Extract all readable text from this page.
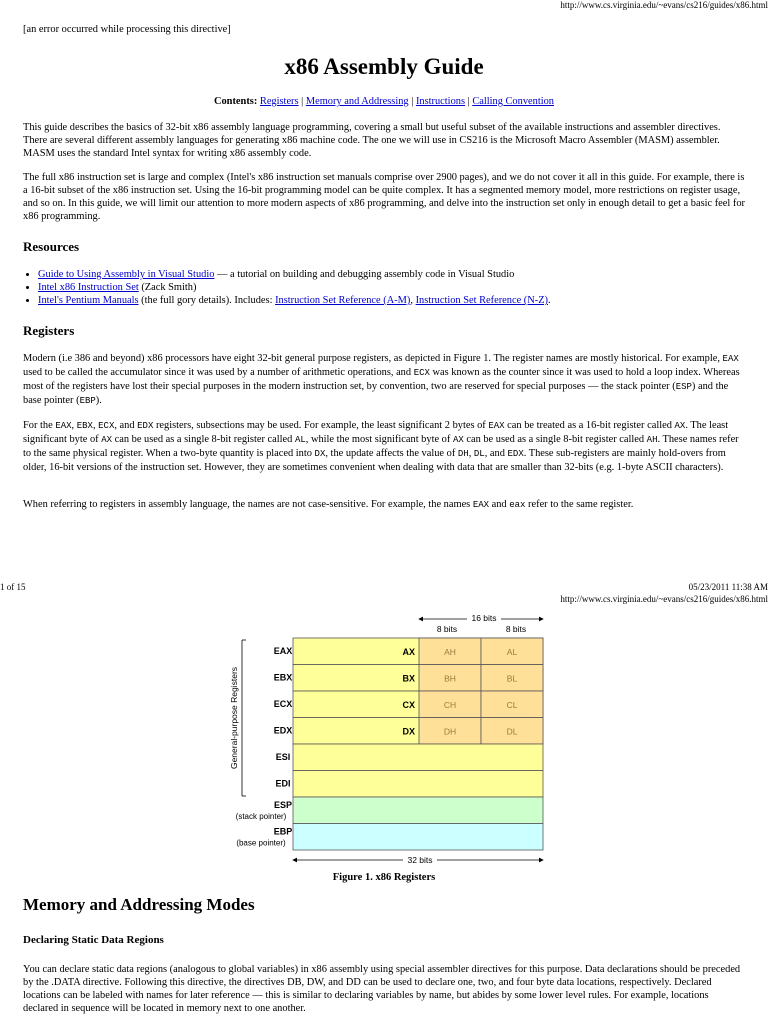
http://www.cs.virginia.edu/~evans/cs216/guides/x86.html

[an error occurred while processing this directive]

x86 Assembly Guide
Contents: Registers | Memory and Addressing | Instructions | Calling Convention

This guide describes the basics of 32-bit x86 assembly language programming, covering a small but useful subset of the available instructions and assembler directives. There are several different assembly languages for generating x86 machine code. The one we will use in CS216 is the Microsoft Macro Assembler (MASM) assembler. MASM uses the standard Intel syntax for writing x86 assembly code.

The full x86 instruction set is large and complex (Intel's x86 instruction set manuals comprise over 2900 pages), and we do not cover it all in this guide. For example, there is a 16-bit subset of the x86 instruction set. Using the 16-bit programming model can be quite complex. It has a segmented memory model, more restrictions on register usage, and so on. In this guide, we will limit our attention to more modern aspects of x86 programming, and delve into the instruction set only in enough detail to get a basic feel for x86 programming.

Resources
• Guide to Using Assembly in Visual Studio — a tutorial on building and debugging assembly code in Visual Studio
• Intel x86 Instruction Set (Zack Smith)
• Intel's Pentium Manuals (the full gory details). Includes: Instruction Set Reference (A-M), Instruction Set Reference (N-Z).
Registers

Modern (i.e 386 and beyond) x86 processors have eight 32-bit general purpose registers, as depicted in Figure 1. The register names are mostly historical. For example, EAX used to be called the accumulator since it was used by a number of arithmetic operations, and ECX was known as the counter since it was used to hold a loop index. Whereas most of the registers have lost their special purposes in the modern instruction set, by convention, two are reserved for special purposes — the stack pointer (ESP) and the base pointer (EBP).

For the EAX, EBX, ECX, and EDX registers, subsections may be used. For example, the least significant 2 bytes of EAX can be treated as a 16-bit register called AX. The least significant byte of AX can be used as a single 8-bit register called AL, while the most significant byte of AX can be used as a single 8-bit register called AH. These names refer to the same physical register. When a two-byte quantity is placed into DX, the update affects the value of DH, DL, and EDX. These sub-registers are mainly hold-overs from older, 16-bit versions of the instruction set. However, they are sometimes convenient when dealing with data that are smaller than 32-bits (e.g. 1-byte ASCII characters).

When referring to registers in assembly language, the names are not case-sensitive. For example, the names EAX and eax refer to the same register.

1 of 15	05/23/2011 11:38 AM
http://www.cs.virginia.edu/~evans/cs216/guides/x86.html
16 bits
8 bits	8 bits
AX	AH	AL
EAX
BX	BH	BL
EBX
CX	CH	CL
ECX
DX	DH	DL
EDX
ESI
EDI
ESP
(stack pointer)
EBP
(base pointer)
General-purpose Registers
32 bits
Figure 1. x86 Registers
Memory and Addressing Modes
Declaring Static Data Regions

You can declare static data regions (analogous to global variables) in x86 assembly using special assembler directives for this purpose. Data declarations should be preceded by the .DATA directive. Following this directive, the directives DB, DW, and DD can be used to declare one, two, and four byte data locations, respectively. Declared locations can be labeled with names for later reference — this is similar to declaring variables by name, but abides by some lower level rules. For example, locations declared in sequence will be located in memory next to one another.
